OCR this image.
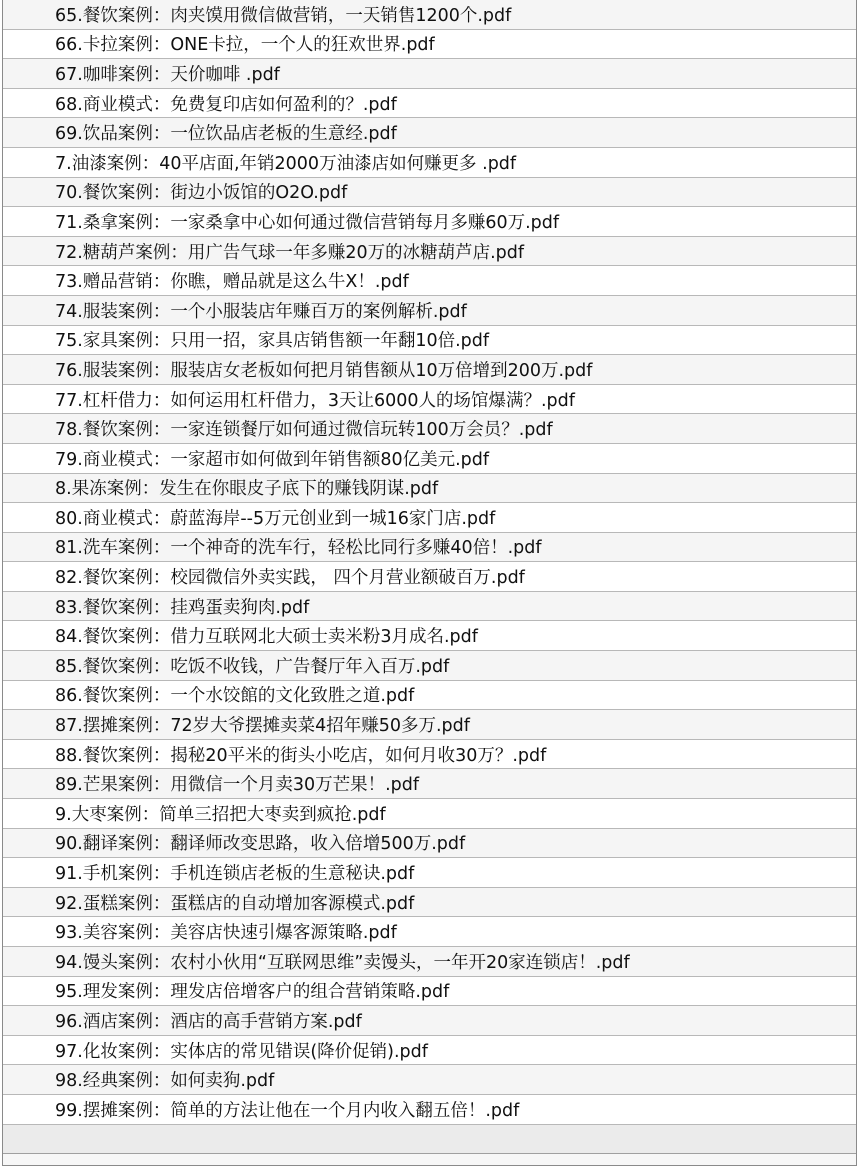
65.餐饮案例：肉夹馍用微信做营销，一天销售1200个.pdf
66.卡拉案例：ONE卡拉，一个人的狂欢世界.pdf
67.咖啡案例：天价咖啡 .pdf
68.商业模式：免费复印店如何盈利的？.pdf
69.饮品案例：一位饮品店老板的生意经.pdf
7.油漆案例：40平店面,年销2000万油漆店如何赚更多 .pdf
70.餐饮案例：街边小饭馆的O2O.pdf
71.桑拿案例：一家桑拿中心如何通过微信营销每月多赚60万.pdf
72.糖葫芦案例：用广告气球一年多赚20万的冰糖葫芦店.pdf
73.赠品营销：你瞧，赠品就是这么牛X！.pdf
74.服装案例：一个小服装店年赚百万的案例解析.pdf
75.家具案例：只用一招，家具店销售额一年翻10倍.pdf
76.服装案例：服装店女老板如何把月销售额从10万倍增到200万.pdf
77.杠杆借力：如何运用杠杆借力，3天让6000人的场馆爆满？.pdf
78.餐饮案例：一家连锁餐厅如何通过微信玩转100万会员？.pdf
79.商业模式：一家超市如何做到年销售额80亿美元.pdf
8.果冻案例：发生在你眼皮子底下的赚钱阴谋.pdf
80.商业模式：蔚蓝海岸--5万元创业到一城16家门店.pdf
81.洗车案例：一个神奇的洗车行，轻松比同行多赚40倍！.pdf
82.餐饮案例：校园微信外卖实践， 四个月营业额破百万.pdf
83.餐饮案例：挂鸡蛋卖狗肉.pdf
84.餐饮案例：借力互联网北大硕士卖米粉3月成名.pdf
85.餐饮案例：吃饭不收钱，广告餐厅年入百万.pdf
86.餐饮案例：一个水饺館的文化致胜之道.pdf
87.摆摊案例：72岁大爷摆摊卖菜4招年赚50多万.pdf
88.餐饮案例：揭秘20平米的街头小吃店，如何月收30万？.pdf
89.芒果案例：用微信一个月卖30万芒果！.pdf
9.大枣案例：简单三招把大枣卖到疯抢.pdf
90.翻译案例：翻译师改变思路，收入倍增500万.pdf
91.手机案例：手机连锁店老板的生意秘诀.pdf
92.蛋糕案例：蛋糕店的自动增加客源模式.pdf
93.美容案例：美容店快速引爆客源策略.pdf
94.馒头案例：农村小伙用“互联网思维”卖馒头，一年开20家连锁店！.pdf
95.理发案例：理发店倍增客户的组合营销策略.pdf
96.酒店案例：酒店的高手营销方案.pdf
97.化妆案例：实体店的常见错误(降价促销).pdf
98.经典案例：如何卖狗.pdf
99.摆摊案例：简单的方法让他在一个月内收入翻五倍！.pdf
